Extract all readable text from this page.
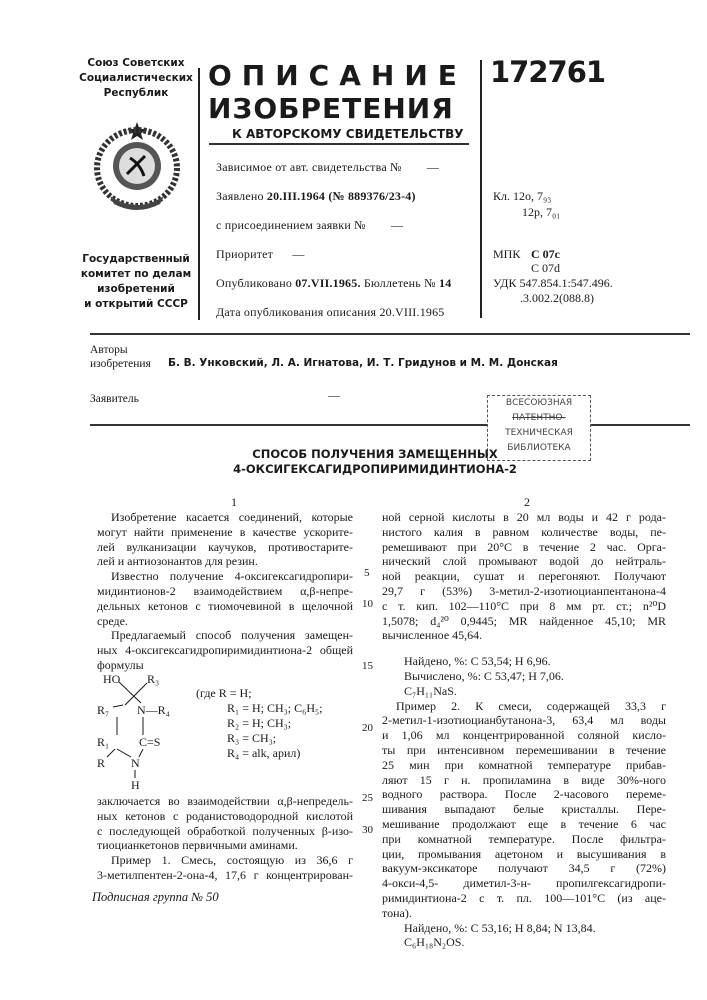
Союз Советских
Социалистических
Республик
Государственный
комитет по делам
изобретений
и открытий СССР
ОПИСАНИЕ
ИЗОБРЕТЕНИЯ
К АВТОРСКОМУ СВИДЕТЕЛЬСТВУ
172761
Зависимое от авт. свидетельства № —
Заявлено 20.III.1964 (№ 889376/23-4)
с присоединением заявки № —
Приоритет —
Опубликовано 07.VII.1965. Бюллетень № 14
Дата опубликования описания 20.VIII.1965
Кл. 12о, 7₉₃
12р, 7₀₁
МПК С 07с
С 07d
УДК 547.854.1:547.496.
.3.002.2(088.8)
Авторы
изобретения Б. В. Унковский, Л. А. Игнатова, И. Т. Гридунов и М. М. Донская
Заявитель	—
ВСЕСОЮЗНАЯ
ПАТЕНТНО-
ТЕХНИЧЕСКАЯ
БИБЛИОТЕКА
СПОСОБ ПОЛУЧЕНИЯ ЗАМЕЩЕННЫХ
4-ОКСИГЕКСАГИДРОПИРИМИДИНТИОНА-2
1	2
Изобретение касается соединений, которые
могут найти применение в качестве ускорите-
лей вулканизации каучуков, противостарите-
лей и антиозонантов для резин.
Известно получение 4-оксигексагидропири-
мидинтионов-2 взаимодействием α,β-непре-
дельных кетонов с тиомочевиной в щелочной
среде.
Предлагаемый способ получения замещен-
ных 4-оксигексагидропиримидинтиона-2 общей
формулы
HO R₃
R₇ N—R₄
R₁ C=S
R N
H
(где R = H;
R₁ = H; CH₃; C₆H₅;
R₂ = H; CH₃;
R₃ = CH₃;
R₄ = alk, арил)
заключается во взаимодействии α,β-непредель-
ных кетонов с роданистоводородной кислотой
с последующей обработкой полученных β-изо-
тиоцианкетонов первичными аминами.
Пример 1. Смесь, состоящую из 36,6 г
3-метилпентен-2-она-4, 17,6 г концентрирован-
ной серной кислоты в 20 мл воды и 42 г рода-
нистого калия в равном количестве воды, пе-
ремешивают при 20°С в течение 2 час. Орга-
нический слой промывают водой до нейтраль-
ной реакции, сушат и перегоняют. Получают
29,7 г (53%) 3-метил-2-изотиоцианпентанона-4
с т. кип. 102—110°С при 8 мм рт. ст.; n²⁰D
1,5078; d₄²⁰ 0,9445; MR найденное 45,10; MR
вычисленное 45,64.
Найдено, %: С 53,54; Н 6,96.
Вычислено, %: С 53,47; Н 7,06.
C₇H₁₁NaS.
Пример 2. К смеси, содержащей 33,3 г
2-метил-1-изотиоцианбутанона-3, 63,4 мл воды
и 1,06 мл концентрированной соляной кисло-
ты при интенсивном перемешивании в течение
25 мин при комнатной температуре прибав-
ляют 15 г н. пропиламина в виде 30%-ного
водного раствора. После 2-часового переме-
шивания выпадают белые кристаллы. Пере-
мешивание продолжают еще в течение 6 час
при комнатной температуре. После фильтра-
ции, промывания ацетоном и высушивания в
вакуум-эксикаторе получают 34,5 г (72%)
4-окси-4,5- диметил-3-н- пропилгексагидропи-
римидинтиона-2 с т. пл. 100—101°С (из аце-
тона).
Найдено, %: С 53,16; Н 8,84; N 13,84.
C₆H₁₈N₂OS.
5
10
15
20
25
30
Подписная группа № 50
